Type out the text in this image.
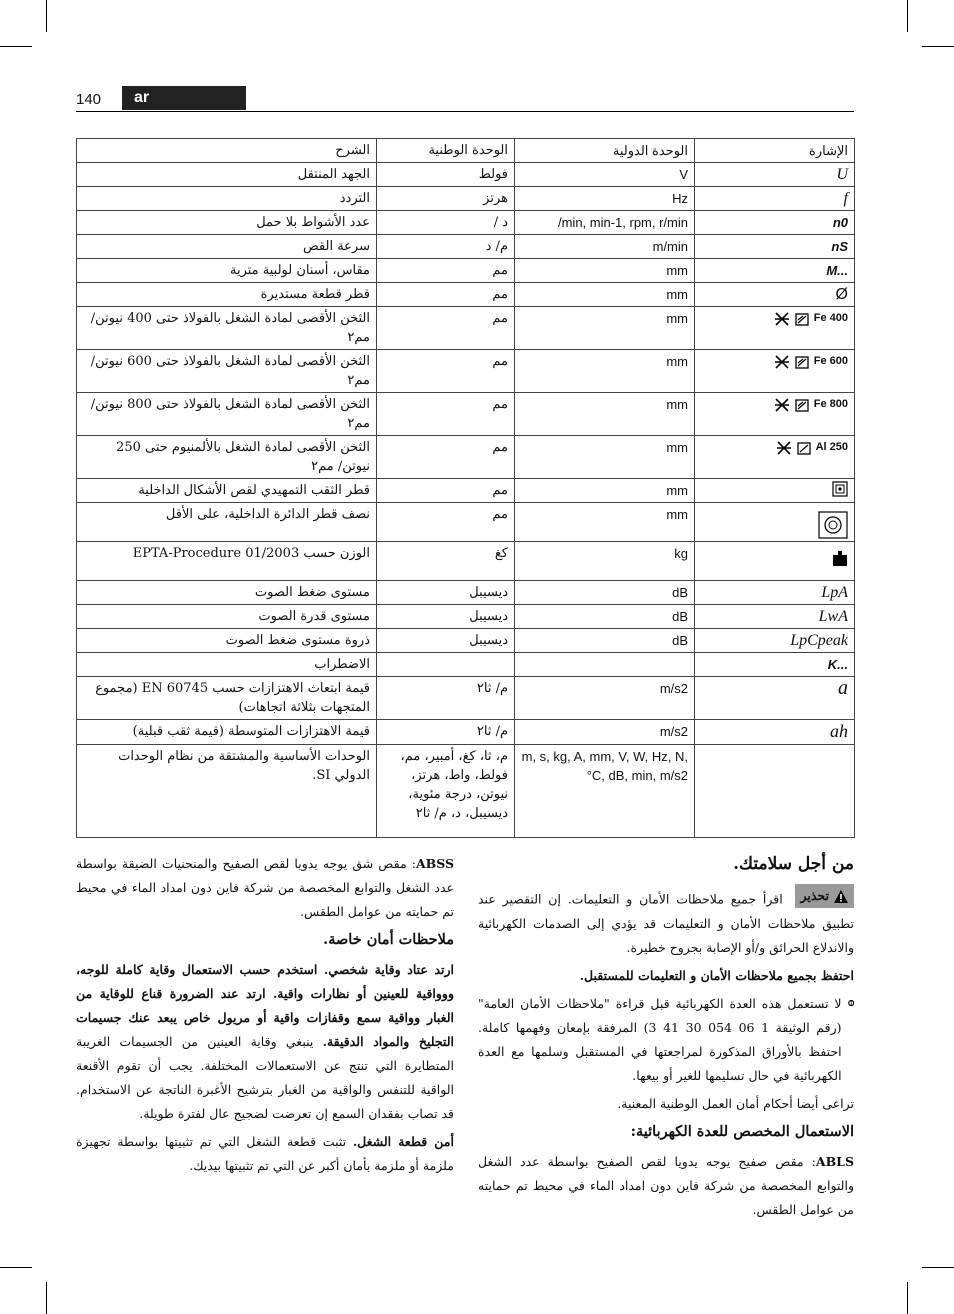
140	ar
الشرح	الوحدة الوطنية	الوحدة الدولية	الإشارة
الجهد المنتقل	فولط	V	U
التردد	هرتز	Hz	f
عدد الأشواط بلا حمل	د /	/min, min-1, rpm, r/min	n0
سرعة القص	م/ د	m/min	nS
مقاس، أسنان لولبية مترية	مم	mm	M...
قطر قطعة مستديرة	مم	mm	Ø
الثخن الأقصى لمادة الشغل بالفولاذ حتى 400 نيوتن/ مم٢	مم	mm	Fe 400

الثخن الأقصى لمادة الشغل بالفولاذ حتى 600 نيوتن/ مم٢	مم	mm	Fe 600

الثخن الأقصى لمادة الشغل بالفولاذ حتى 800 نيوتن/ مم٢	مم	mm	Fe 800

الثخن الأقصى لمادة الشغل بالألمنيوم حتى 250 نيوتن/ مم٢	مم	mm	Al 250

قطر الثقب التمهيدي لقص الأشكال الداخلية	مم	mm	

نصف قطر الدائرة الداخلية، على الأقل	مم	mm	

الوزن حسب EPTA-Procedure 01/2003	كغ	kg	

مستوى ضغط الصوت	ديسيبل	dB	LpA
مستوى قدرة الصوت	ديسيبل	dB	LwA
ذروة مستوى ضغط الصوت	ديسيبل	dB	LpCpeak
الاضطراب			K...
قيمة ابتعاث الاهتزازات حسب EN 60745 (مجموع المتجهات بثلاثة اتجاهات)	م/ ثا٢	m/s2	a
قيمة الاهتزازات المتوسطة (قيمة ثقب قبلية)	م/ ثا٢	m/s2	ah
الوحدات الأساسية والمشتقة من نظام الوحدات الدولي SI.	م، ثا، كغ، أمبير، مم، فولط، واط، هرتز، نيوتن، درجة مئوية، ديسيبل، د، م/ ثا٢	m, s, kg, A, mm, V, W, Hz, N, °C, dB, min, m/s2	
من أجل سلامتك.

تحذير
اقرأ جميع ملاحظات الأمان و التعليمات. إن التقصير عند تطبيق ملاحظات الأمان و التعليمات قد يؤدي إلى الصدمات الكهربائية والاندلاع الحرائق و/أو الإصابة بجروح خطيرة.

احتفظ بجميع ملاحظات الأمان و التعليمات للمستقبل.

لا تستعمل هذه العدة الكهربائية قبل قراءة "ملاحظات الأمان العامة" (رقم الوثيقة 1 06 054 30 41 3) المرفقة بإمعان وفهمها كاملة. احتفظ بالأوراق المذكورة لمراجعتها في المستقبل وسلمها مع العدة الكهربائية في حال تسليمها للغير أو بيعها.

تراعى أيضا أحكام أمان العمل الوطنية المعنية.

الاستعمال المخصص للعدة الكهربائية:

ABLS: مقص صفيح يوجه يدويا لقص الصفيح بواسطة عدد الشغل والتوابع المخصصة من شركة فاين دون امداد الماء في محيط تم حمايته من عوامل الطقس.

ABSS: مقص شق يوجه يدويا لقص الصفيح والمنحنيات الضيقة بواسطة عدد الشغل والتوابع المخصصة من شركة فاين دون امداد الماء في محيط تم حمايته من عوامل الطقس.

ملاحظات أمان خاصة.

ارتد عتاد وقاية شخصي. استخدم حسب الاستعمال وقاية كاملة للوجه، ووواقية للعينين أو نظارات واقية. ارتد عند الضرورة قناع للوقاية من الغبار وواقية سمع وقفازات واقية أو مريول خاص يبعد عنك جسيمات التجليخ والمواد الدقيقة. ينبغي وقاية العينين من الجسيمات الغريبة المتطايرة التي تنتج عن الاستعمالات المختلفة. يجب أن تقوم الأقنعة الواقية للتنفس والواقية من الغبار بترشيح الأغبرة الناتجة عن الاستخدام. قد تصاب بفقدان السمع إن تعرضت لضجيج عال لفترة طويلة.

أمن قطعة الشغل. تثبت قطعة الشغل التي تم تثبيتها بواسطة تجهيزة ملزمة أو ملزمة بأمان أكبر عن التي تم تثبيتها بيديك.
